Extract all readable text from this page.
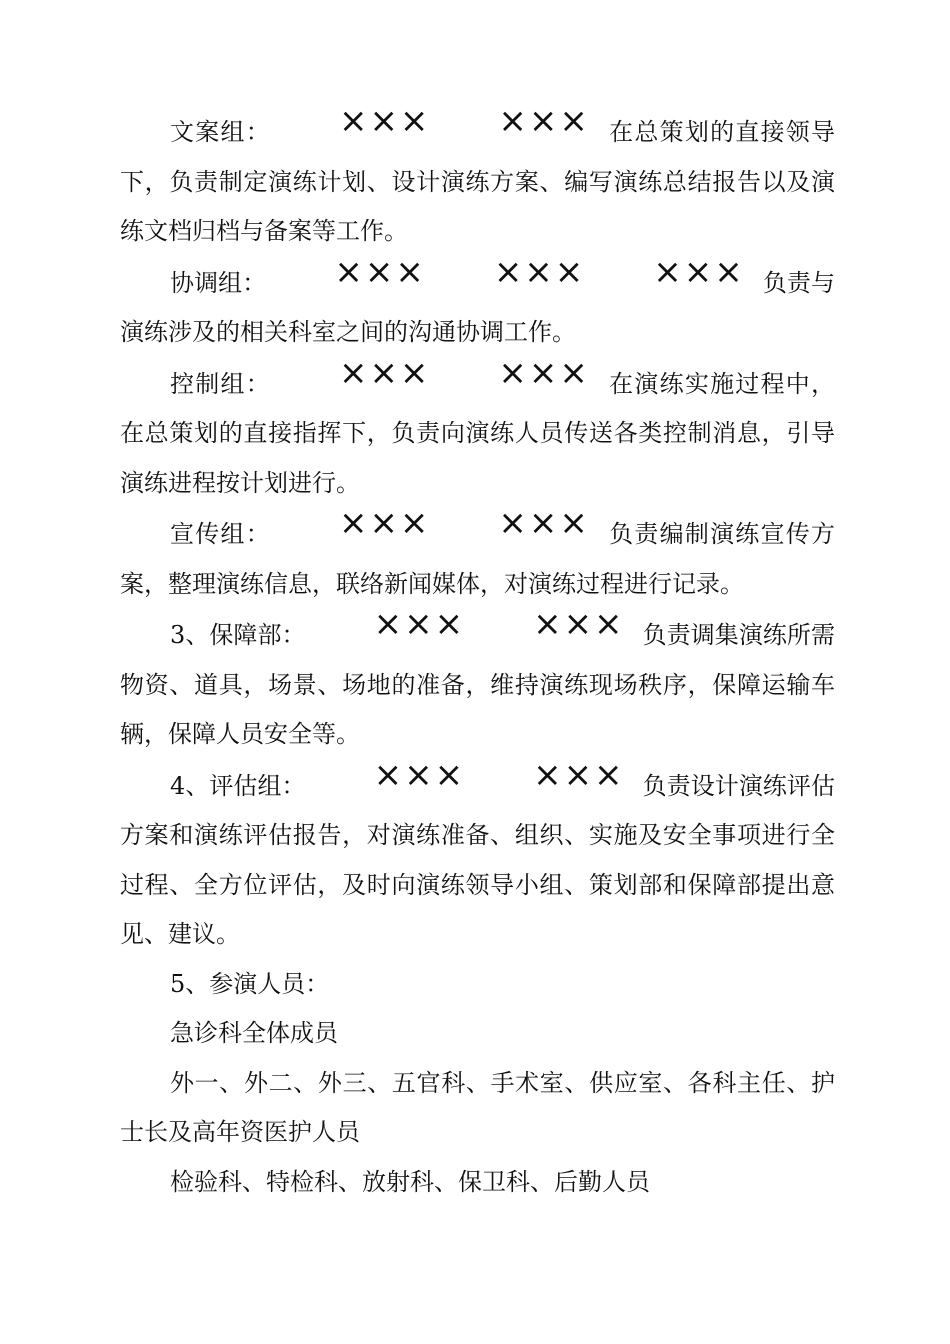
文案组： ××× ××× 在总策划的直接领导下，负责制定演练计划、设计演练方案、编写演练总结报告以及演练文档归档与备案等工作。

协调组： ××× ××× ××× 负责与演练涉及的相关科室之间的沟通协调工作。

控制组： ××× ××× 在演练实施过程中，在总策划的直接指挥下，负责向演练人员传送各类控制消息，引导演练进程按计划进行。

宣传组： ××× ××× 负责编制演练宣传方案，整理演练信息，联络新闻媒体，对演练过程进行记录。

3、保障部： ××× ××× 负责调集演练所需物资、道具，场景、场地的准备，维持演练现场秩序，保障运输车辆，保障人员安全等。

4、评估组： ××× ××× 负责设计演练评估方案和演练评估报告，对演练准备、组织、实施及安全事项进行全过程、全方位评估，及时向演练领导小组、策划部和保障部提出意见、建议。

5、参演人员：

急诊科全体成员

外一、外二、外三、五官科、手术室、供应室、各科主任、护士长及高年资医护人员

检验科、特检科、放射科、保卫科、后勤人员
